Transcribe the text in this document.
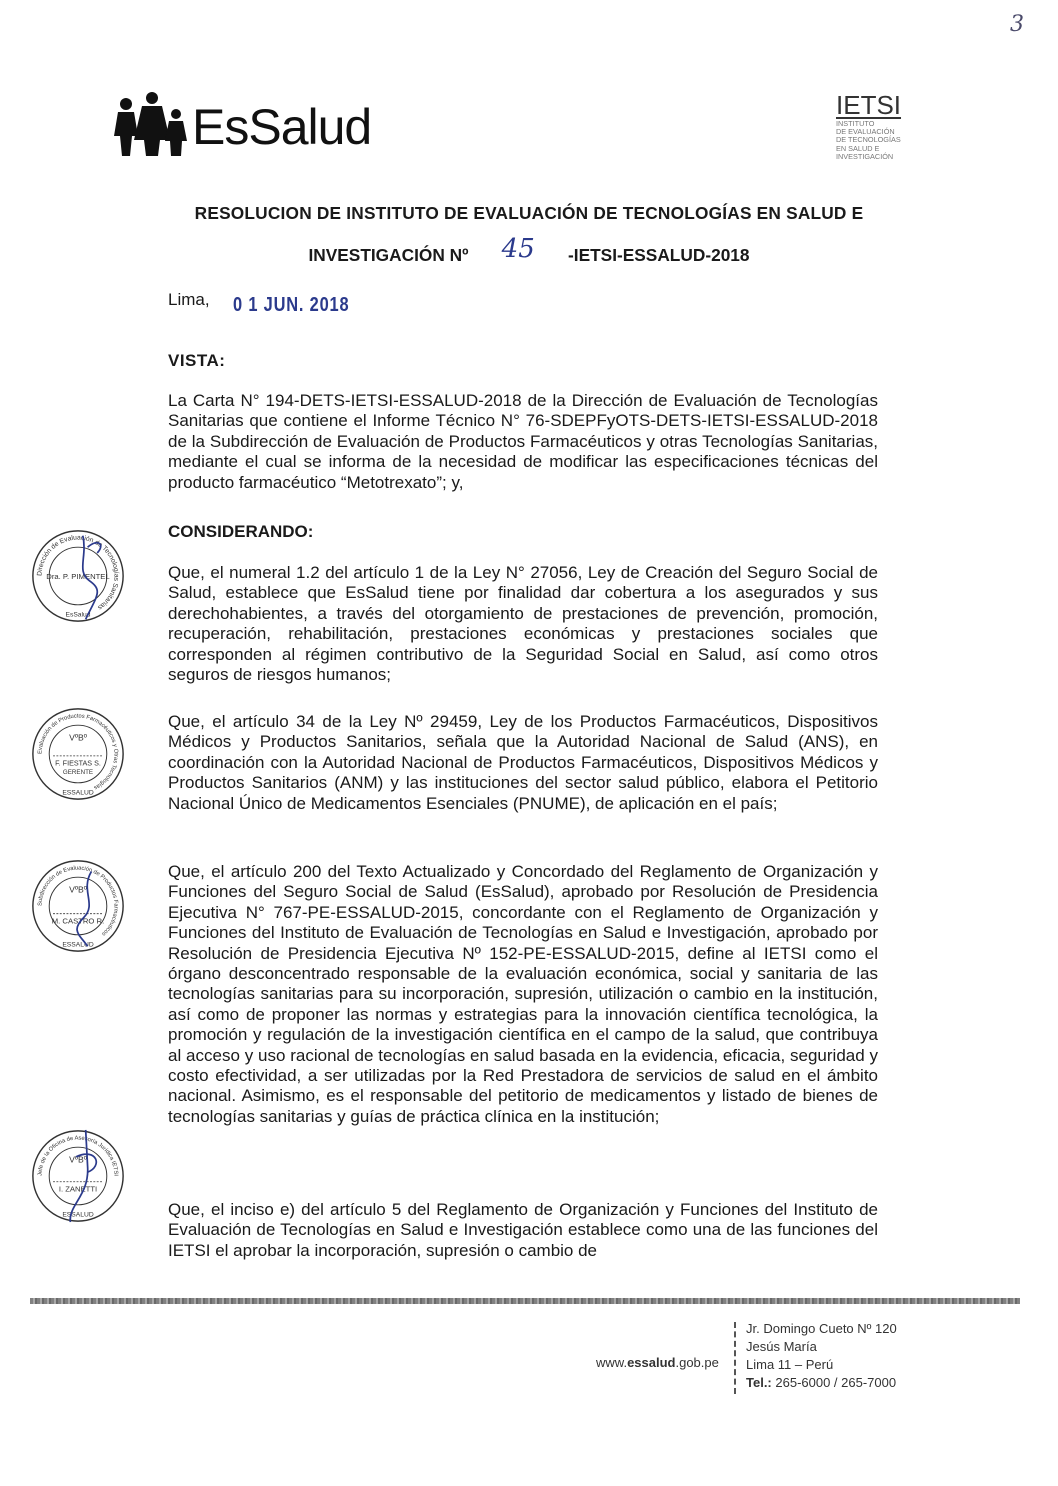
3
EsSalud	IETSI
INSTITUTO
DE EVALUACIÓN
DE TECNOLOGÍAS
EN SALUD E
INVESTIGACIÓN
RESOLUCION DE INSTITUTO DE EVALUACIÓN DE TECNOLOGÍAS EN SALUD E
INVESTIGACIÓN Nº 45 -IETSI-ESSALUD-2018
Lima, 0 1 JUN. 2018
VISTA:
La Carta N° 194-DETS-IETSI-ESSALUD-2018 de la Dirección de Evaluación de Tecnologías Sanitarias que contiene el Informe Técnico N° 76-SDEPFyOTS-DETS-IETSI-ESSALUD-2018 de la Subdirección de Evaluación de Productos Farmacéuticos y otras Tecnologías Sanitarias, mediante el cual se informa de la necesidad de modificar las especificaciones técnicas del producto farmacéutico “Metotrexato”; y,
CONSIDERANDO:
Que, el numeral 1.2 del artículo 1 de la Ley N° 27056, Ley de Creación del Seguro Social de Salud, establece que EsSalud tiene por finalidad dar cobertura a los asegurados y sus derechohabientes, a través del otorgamiento de prestaciones de prevención, promoción, recuperación, rehabilitación, prestaciones económicas y prestaciones sociales que corresponden al régimen contributivo de la Seguridad Social en Salud, así como otros seguros de riesgos humanos;
Que, el artículo 34 de la Ley Nº 29459, Ley de los Productos Farmacéuticos, Dispositivos Médicos y Productos Sanitarios, señala que la Autoridad Nacional de Salud (ANS), en coordinación con la Autoridad Nacional de Productos Farmacéuticos, Dispositivos Médicos y Productos Sanitarios (ANM) y las instituciones del sector salud público, elabora el Petitorio Nacional Único de Medicamentos Esenciales (PNUME), de aplicación en el país;
Que, el artículo 200 del Texto Actualizado y Concordado del Reglamento de Organización y Funciones del Seguro Social de Salud (EsSalud), aprobado por Resolución de Presidencia Ejecutiva N° 767-PE-ESSALUD-2015, concordante con el Reglamento de Organización y Funciones del Instituto de Evaluación de Tecnologías en Salud e Investigación, aprobado por Resolución de Presidencia Ejecutiva Nº 152-PE-ESSALUD-2015, define al IETSI como el órgano desconcentrado responsable de la evaluación económica, social y sanitaria de las tecnologías sanitarias para su incorporación, supresión, utilización o cambio en la institución, así como de proponer las normas y estrategias para la innovación científica tecnológica, la promoción y regulación de la investigación científica en el campo de la salud, que contribuya al acceso y uso racional de tecnologías en salud basada en la evidencia, eficacia, seguridad y costo efectividad, a ser utilizadas por la Red Prestadora de servicios de salud en el ámbito nacional. Asimismo, es el responsable del petitorio de medicamentos y listado de bienes de tecnologías sanitarias y guías de práctica clínica en la institución;
Que, el inciso e) del artículo 5 del Reglamento de Organización y Funciones del Instituto de Evaluación de Tecnologías en Salud e Investigación establece como una de las funciones del IETSI el aprobar la incorporación, supresión o cambio de
Dirección de Evaluación de Tecnologías Sanitarias
Dra. P. PIMENTEL
EsSalud
Evaluación de Productos Farmacéuticos y Otras Tecnologías
VºBº
F. FIESTAS S.
GERENTE
ESSALUD
Subdirección de Evaluación de Productos Farmacéuticos
VºBº
M. CASTRO R.
ESSALUD
Jefe de la Oficina de Asesoría Jurídica IETSI
VºBº
I. ZANETTI
ESSALUD
www.essalud.gob.pe
Jr. Domingo Cueto Nº 120
Jesús María
Lima 11 – Perú
Tel.: 265-6000 / 265-7000
